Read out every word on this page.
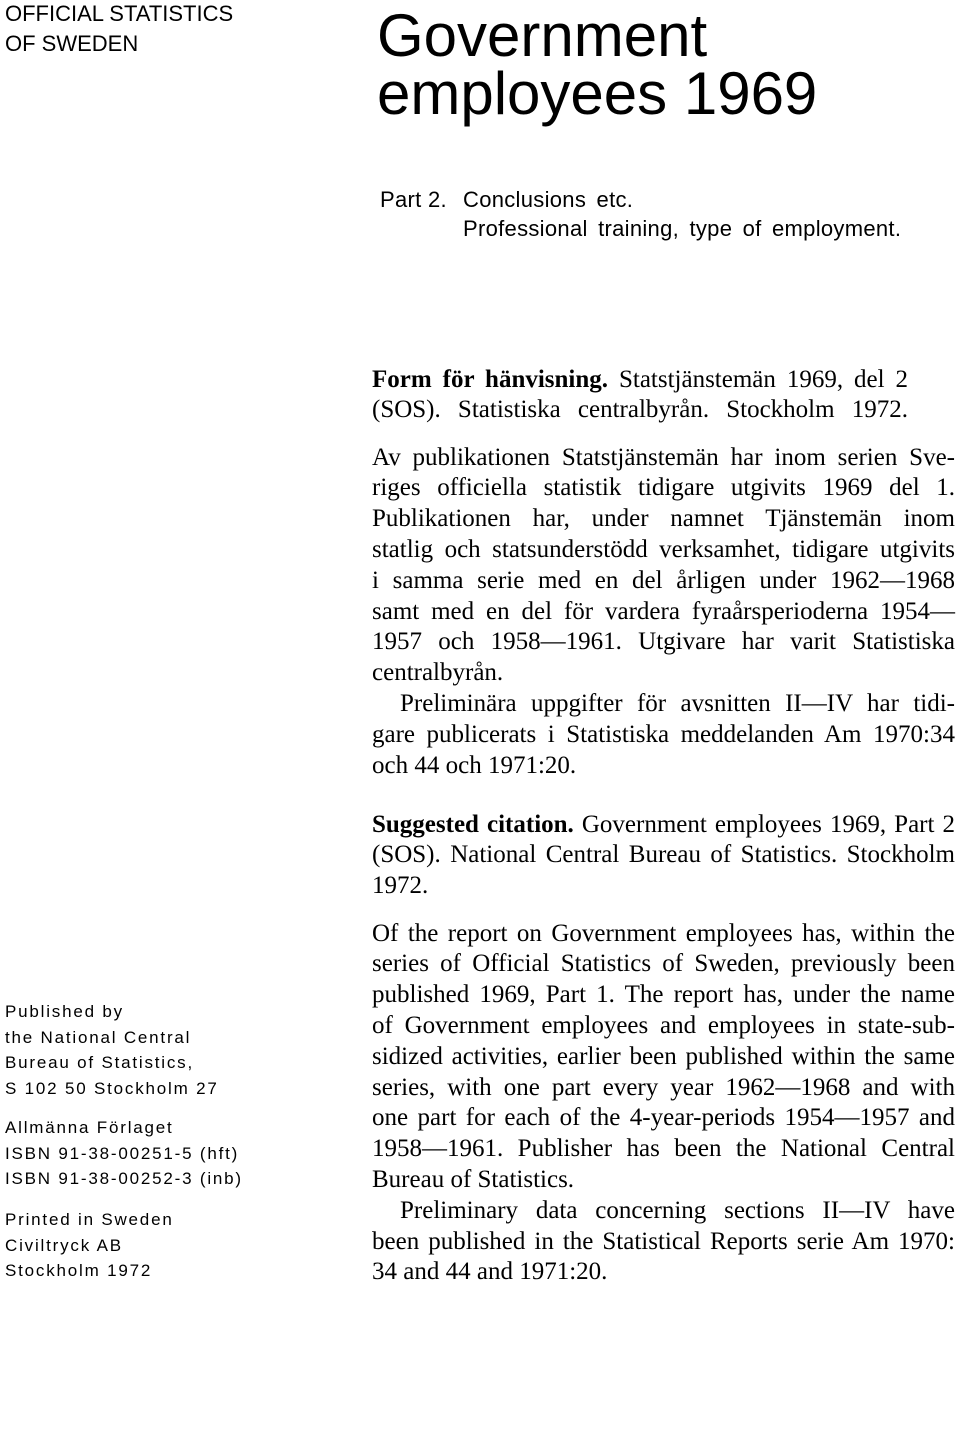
OFFICIAL STATISTICS
OF SWEDEN	Government
employees 1969
Part 2. Conclusions etc.
Professional training, type of employment.
Form för hänvisning. Statstjänstemän 1969, del 2
(SOS). Statistiska centralbyrån. Stockholm 1972.
Av publikationen Statstjänstemän har inom serien Sve-
riges officiella statistik tidigare utgivits 1969 del 1.
Publikationen har, under namnet Tjänstemän inom
statlig och statsunderstödd verksamhet, tidigare utgivits
i samma serie med en del årligen under 1962—1968
samt med en del för vardera fyraårsperioderna 1954—
1957 och 1958—1961. Utgivare har varit Statistiska
centralbyrån.
Preliminära uppgifter för avsnitten II—IV har tidi-
gare publicerats i Statistiska meddelanden Am 1970:34
och 44 och 1971:20.
Suggested citation. Government employees 1969, Part 2
(SOS). National Central Bureau of Statistics. Stockholm
1972.
Of the report on Government employees has, within the
series of Official Statistics of Sweden, previously been
published 1969, Part 1. The report has, under the name
of Government employees and employees in state-sub-
sidized activities, earlier been published within the same
series, with one part every year 1962—1968 and with
one part for each of the 4-year-periods 1954—1957 and
1958—1961. Publisher has been the National Central
Bureau of Statistics.
Preliminary data concerning sections II—IV have
been published in the Statistical Reports serie Am 1970:
34 and 44 and 1971:20.
Published by
the National Central
Bureau of Statistics,
S 102 50 Stockholm 27
Allmänna Förlaget
ISBN 91-38-00251-5 (hft)
ISBN 91-38-00252-3 (inb)
Printed in Sweden
Civiltryck AB
Stockholm 1972
